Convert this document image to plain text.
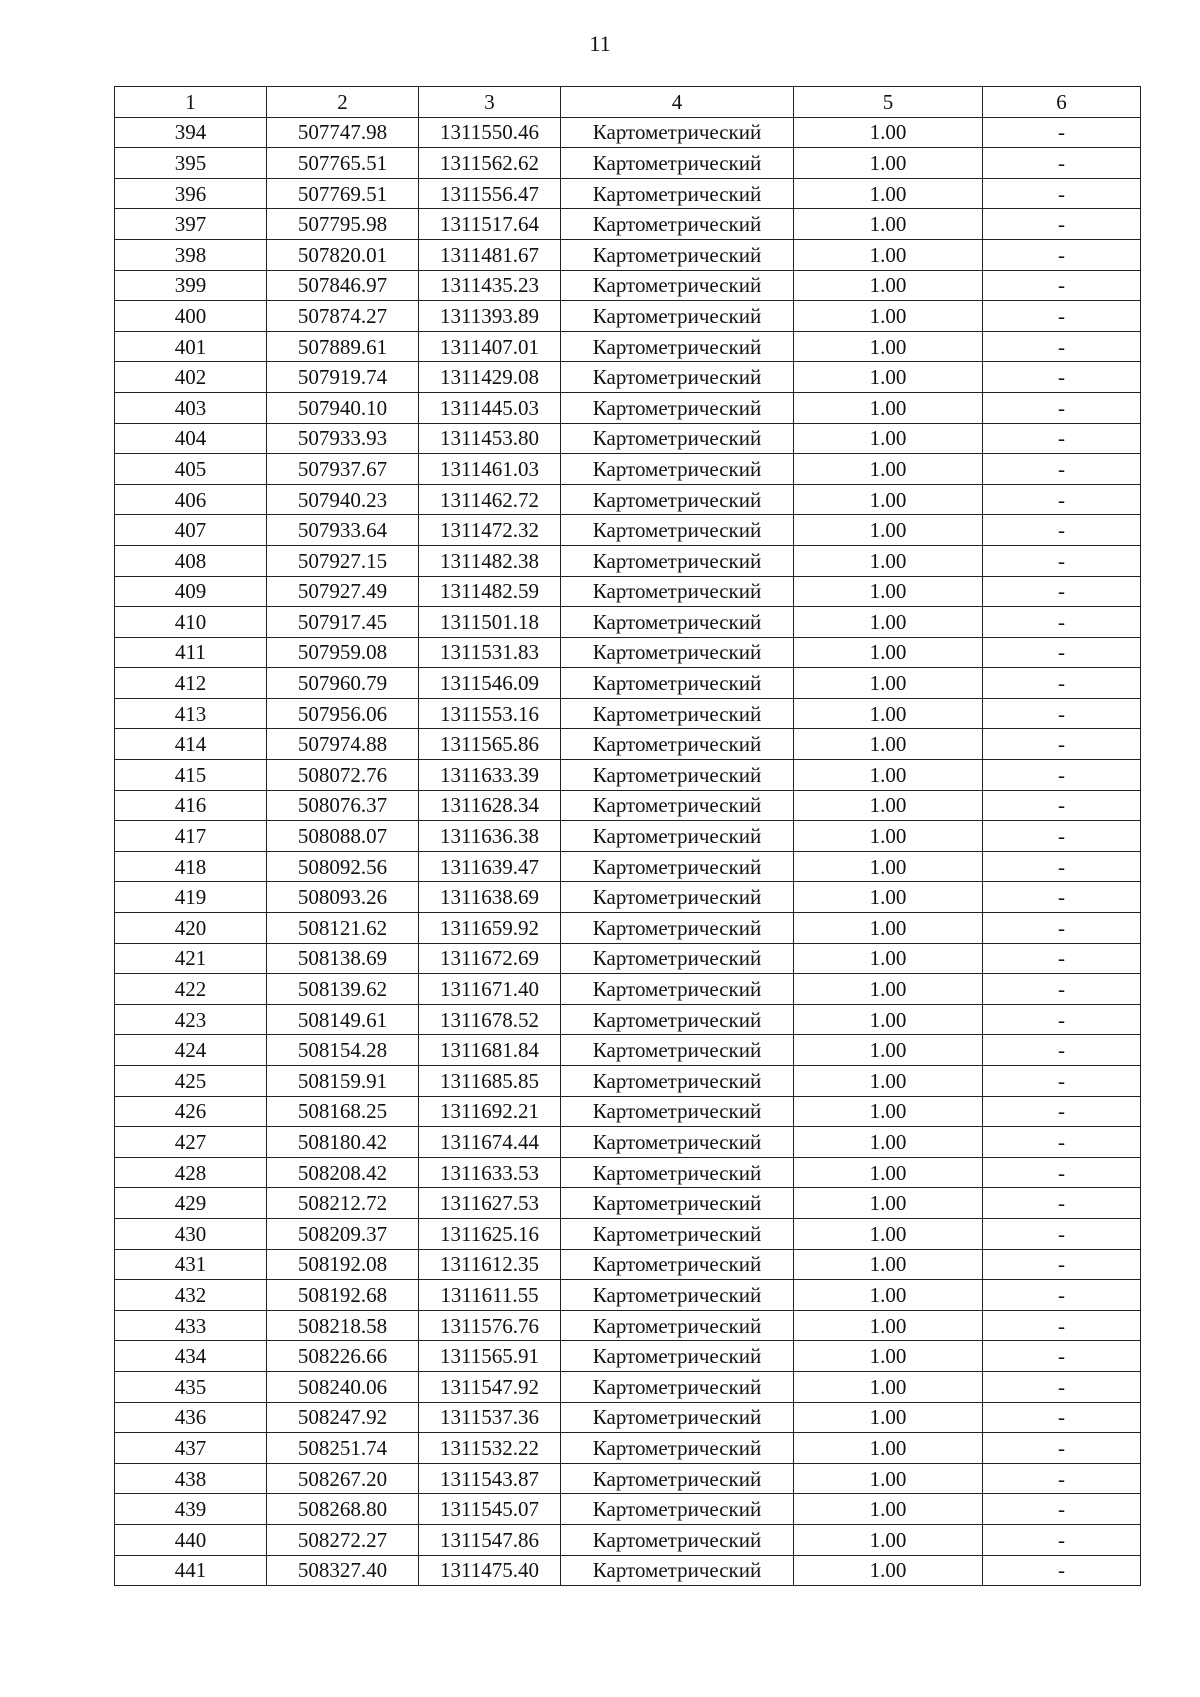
11
1	2	3	4	5	6
394	507747.98	1311550.46	Картометрический	1.00	-
395	507765.51	1311562.62	Картометрический	1.00	-
396	507769.51	1311556.47	Картометрический	1.00	-
397	507795.98	1311517.64	Картометрический	1.00	-
398	507820.01	1311481.67	Картометрический	1.00	-
399	507846.97	1311435.23	Картометрический	1.00	-
400	507874.27	1311393.89	Картометрический	1.00	-
401	507889.61	1311407.01	Картометрический	1.00	-
402	507919.74	1311429.08	Картометрический	1.00	-
403	507940.10	1311445.03	Картометрический	1.00	-
404	507933.93	1311453.80	Картометрический	1.00	-
405	507937.67	1311461.03	Картометрический	1.00	-
406	507940.23	1311462.72	Картометрический	1.00	-
407	507933.64	1311472.32	Картометрический	1.00	-
408	507927.15	1311482.38	Картометрический	1.00	-
409	507927.49	1311482.59	Картометрический	1.00	-
410	507917.45	1311501.18	Картометрический	1.00	-
411	507959.08	1311531.83	Картометрический	1.00	-
412	507960.79	1311546.09	Картометрический	1.00	-
413	507956.06	1311553.16	Картометрический	1.00	-
414	507974.88	1311565.86	Картометрический	1.00	-
415	508072.76	1311633.39	Картометрический	1.00	-
416	508076.37	1311628.34	Картометрический	1.00	-
417	508088.07	1311636.38	Картометрический	1.00	-
418	508092.56	1311639.47	Картометрический	1.00	-
419	508093.26	1311638.69	Картометрический	1.00	-
420	508121.62	1311659.92	Картометрический	1.00	-
421	508138.69	1311672.69	Картометрический	1.00	-
422	508139.62	1311671.40	Картометрический	1.00	-
423	508149.61	1311678.52	Картометрический	1.00	-
424	508154.28	1311681.84	Картометрический	1.00	-
425	508159.91	1311685.85	Картометрический	1.00	-
426	508168.25	1311692.21	Картометрический	1.00	-
427	508180.42	1311674.44	Картометрический	1.00	-
428	508208.42	1311633.53	Картометрический	1.00	-
429	508212.72	1311627.53	Картометрический	1.00	-
430	508209.37	1311625.16	Картометрический	1.00	-
431	508192.08	1311612.35	Картометрический	1.00	-
432	508192.68	1311611.55	Картометрический	1.00	-
433	508218.58	1311576.76	Картометрический	1.00	-
434	508226.66	1311565.91	Картометрический	1.00	-
435	508240.06	1311547.92	Картометрический	1.00	-
436	508247.92	1311537.36	Картометрический	1.00	-
437	508251.74	1311532.22	Картометрический	1.00	-
438	508267.20	1311543.87	Картометрический	1.00	-
439	508268.80	1311545.07	Картометрический	1.00	-
440	508272.27	1311547.86	Картометрический	1.00	-
441	508327.40	1311475.40	Картометрический	1.00	-
